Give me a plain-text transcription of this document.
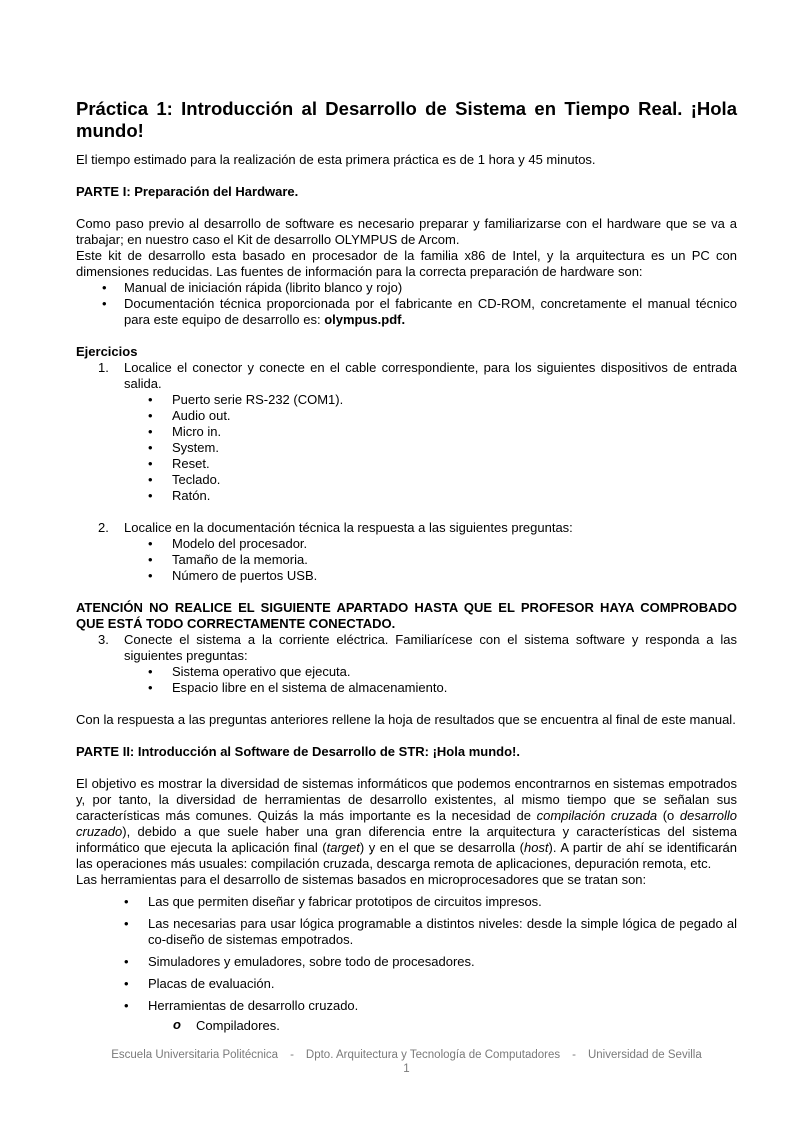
Práctica 1: Introducción al Desarrollo de Sistema en Tiempo Real. ¡Hola mundo!

El tiempo estimado para la realización de esta primera práctica es de 1 hora y 45 minutos.

PARTE I: Preparación del Hardware.

Como paso previo al desarrollo de software es necesario preparar y familiarizarse con el hardware que se va a trabajar; en nuestro caso el Kit de desarrollo OLYMPUS de Arcom.

Este kit de desarrollo esta basado en procesador de la familia x86 de Intel, y la arquitectura es un PC con dimensiones reducidas. Las fuentes de información para la correcta preparación de hardware son:

• Manual de iniciación rápida (librito blanco y rojo)
• Documentación técnica proporcionada por el fabricante en CD-ROM, concretamente el manual técnico para este equipo de desarrollo es: olympus.pdf.

Ejercicios

1. Localice el conector y conecte en el cable correspondiente, para los siguientes dispositivos de entrada salida.
• Puerto serie RS-232 (COM1).
• Audio out.
• Micro in.
• System.
• Reset.
• Teclado.
• Ratón.
2. Localice en la documentación técnica la respuesta a las siguientes preguntas:
• Modelo del procesador.
• Tamaño de la memoria.
• Número de puertos USB.

ATENCIÓN NO REALICE EL SIGUIENTE APARTADO HASTA QUE EL PROFESOR HAYA COMPROBADO QUE ESTÁ TODO CORRECTAMENTE CONECTADO.

3. Conecte el sistema a la corriente eléctrica. Familiarícese con el sistema software y responda a las siguientes preguntas:
• Sistema operativo que ejecuta.
• Espacio libre en el sistema de almacenamiento.

Con la respuesta a las preguntas anteriores rellene la hoja de resultados que se encuentra al final de este manual.

PARTE II: Introducción al Software de Desarrollo de STR: ¡Hola mundo!.

El objetivo es mostrar la diversidad de sistemas informáticos que podemos encontrarnos en sistemas empotrados y, por tanto, la diversidad de herramientas de desarrollo existentes, al mismo tiempo que se señalan sus características más comunes. Quizás la más importante es la necesidad de compilación cruzada (o desarrollo cruzado), debido a que suele haber una gran diferencia entre la arquitectura y características del sistema informático que ejecuta la aplicación final (target) y en el que se desarrolla (host). A partir de ahí se identificarán las operaciones más usuales: compilación cruzada, descarga remota de aplicaciones, depuración remota, etc.

Las herramientas para el desarrollo de sistemas basados en microprocesadores que se tratan son:

• Las que permiten diseñar y fabricar prototipos de circuitos impresos.
• Las necesarias para usar lógica programable a distintos niveles: desde la simple lógica de pegado al co-diseño de sistemas empotrados.
• Simuladores y emuladores, sobre todo de procesadores.
• Placas de evaluación.
• Herramientas de desarrollo cruzado.
o Compiladores.
Escuela Universitaria Politécnica - Dpto. Arquitectura y Tecnología de Computadores - Universidad de Sevilla
1
